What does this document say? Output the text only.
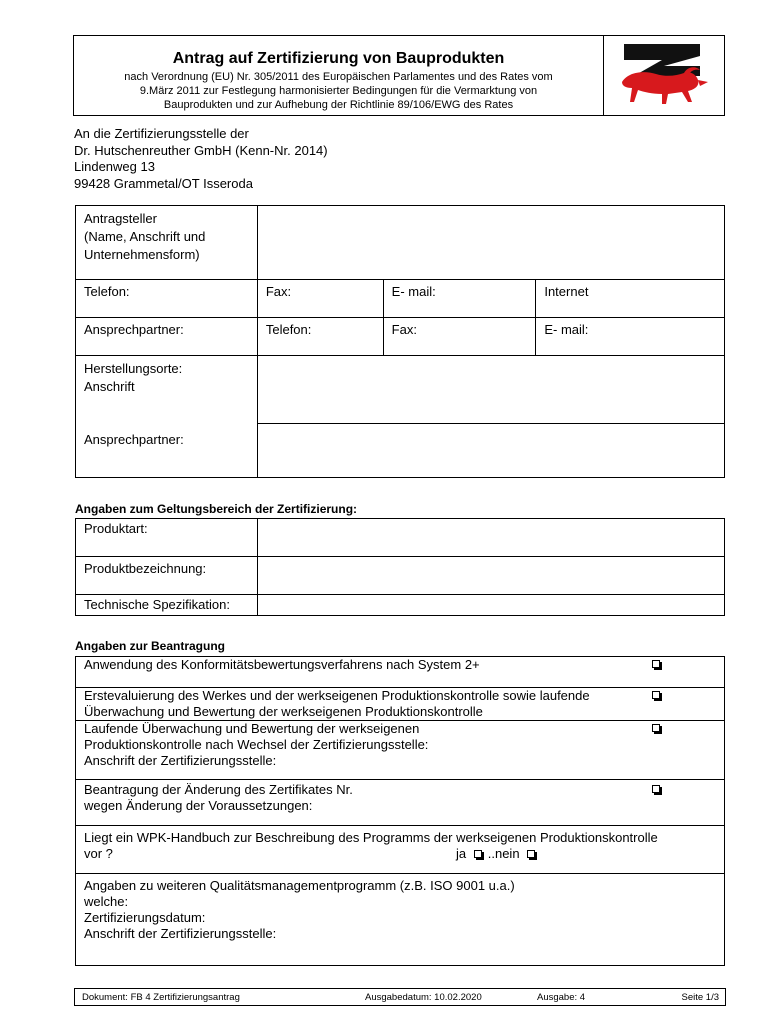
Antrag auf Zertifizierung von Bauprodukten
nach Verordnung (EU) Nr. 305/2011 des Europäischen Parlamentes und des Rates vom
9.März 2011 zur Festlegung harmonisierter Bedingungen für die Vermarktung von
Bauprodukten und zur Aufhebung der Richtlinie 89/106/EWG des Rates

An die Zertifizierungsstelle der
Dr. Hutschenreuther GmbH (Kenn-Nr. 2014)
Lindenweg 13
99428 Grammetal/OT Isseroda
Antragsteller
(Name, Anschrift und
Unternehmensform)			

Telefon:	Fax:	E- mail:	Internet
Ansprechpartner:	Telefon:	Fax:	E- mail:

Herstellungsorte:
Anschrift
Ansprechpartner:			

Angaben zum Geltungsbereich der Zertifizierung:
Produktart:	
Produktbezeichnung:	
Technische Spezifikation:	
Angaben zur Beantragung
Anwendung des Konformitätsbewertungsverfahrens nach System 2+

Erstevaluierung des Werkes und der werkseigenen Produktionskontrolle sowie laufende
Überwachung und Bewertung der werkseigenen Produktionskontrolle

Laufende Überwachung und Bewertung der werkseigenen
Produktionskontrolle nach Wechsel der Zertifizierungsstelle:
Anschrift der Zertifizierungsstelle:

Beantragung der Änderung des Zertifikates Nr.
wegen Änderung der Voraussetzungen:

Liegt ein WPK-Handbuch zur Beschreibung des Programms der werkseigenen Produktionskontrolle
vor ?	ja ..nein

Angaben zu weiteren Qualitätsmanagementprogramm (z.B. ISO 9001 u.a.)
welche:
Zertifizierungsdatum:
Anschrift der Zertifizierungsstelle:
Dokument: FB 4 Zertifizierungsantrag	Ausgabedatum: 10.02.2020	Ausgabe: 4	Seite 1/3
